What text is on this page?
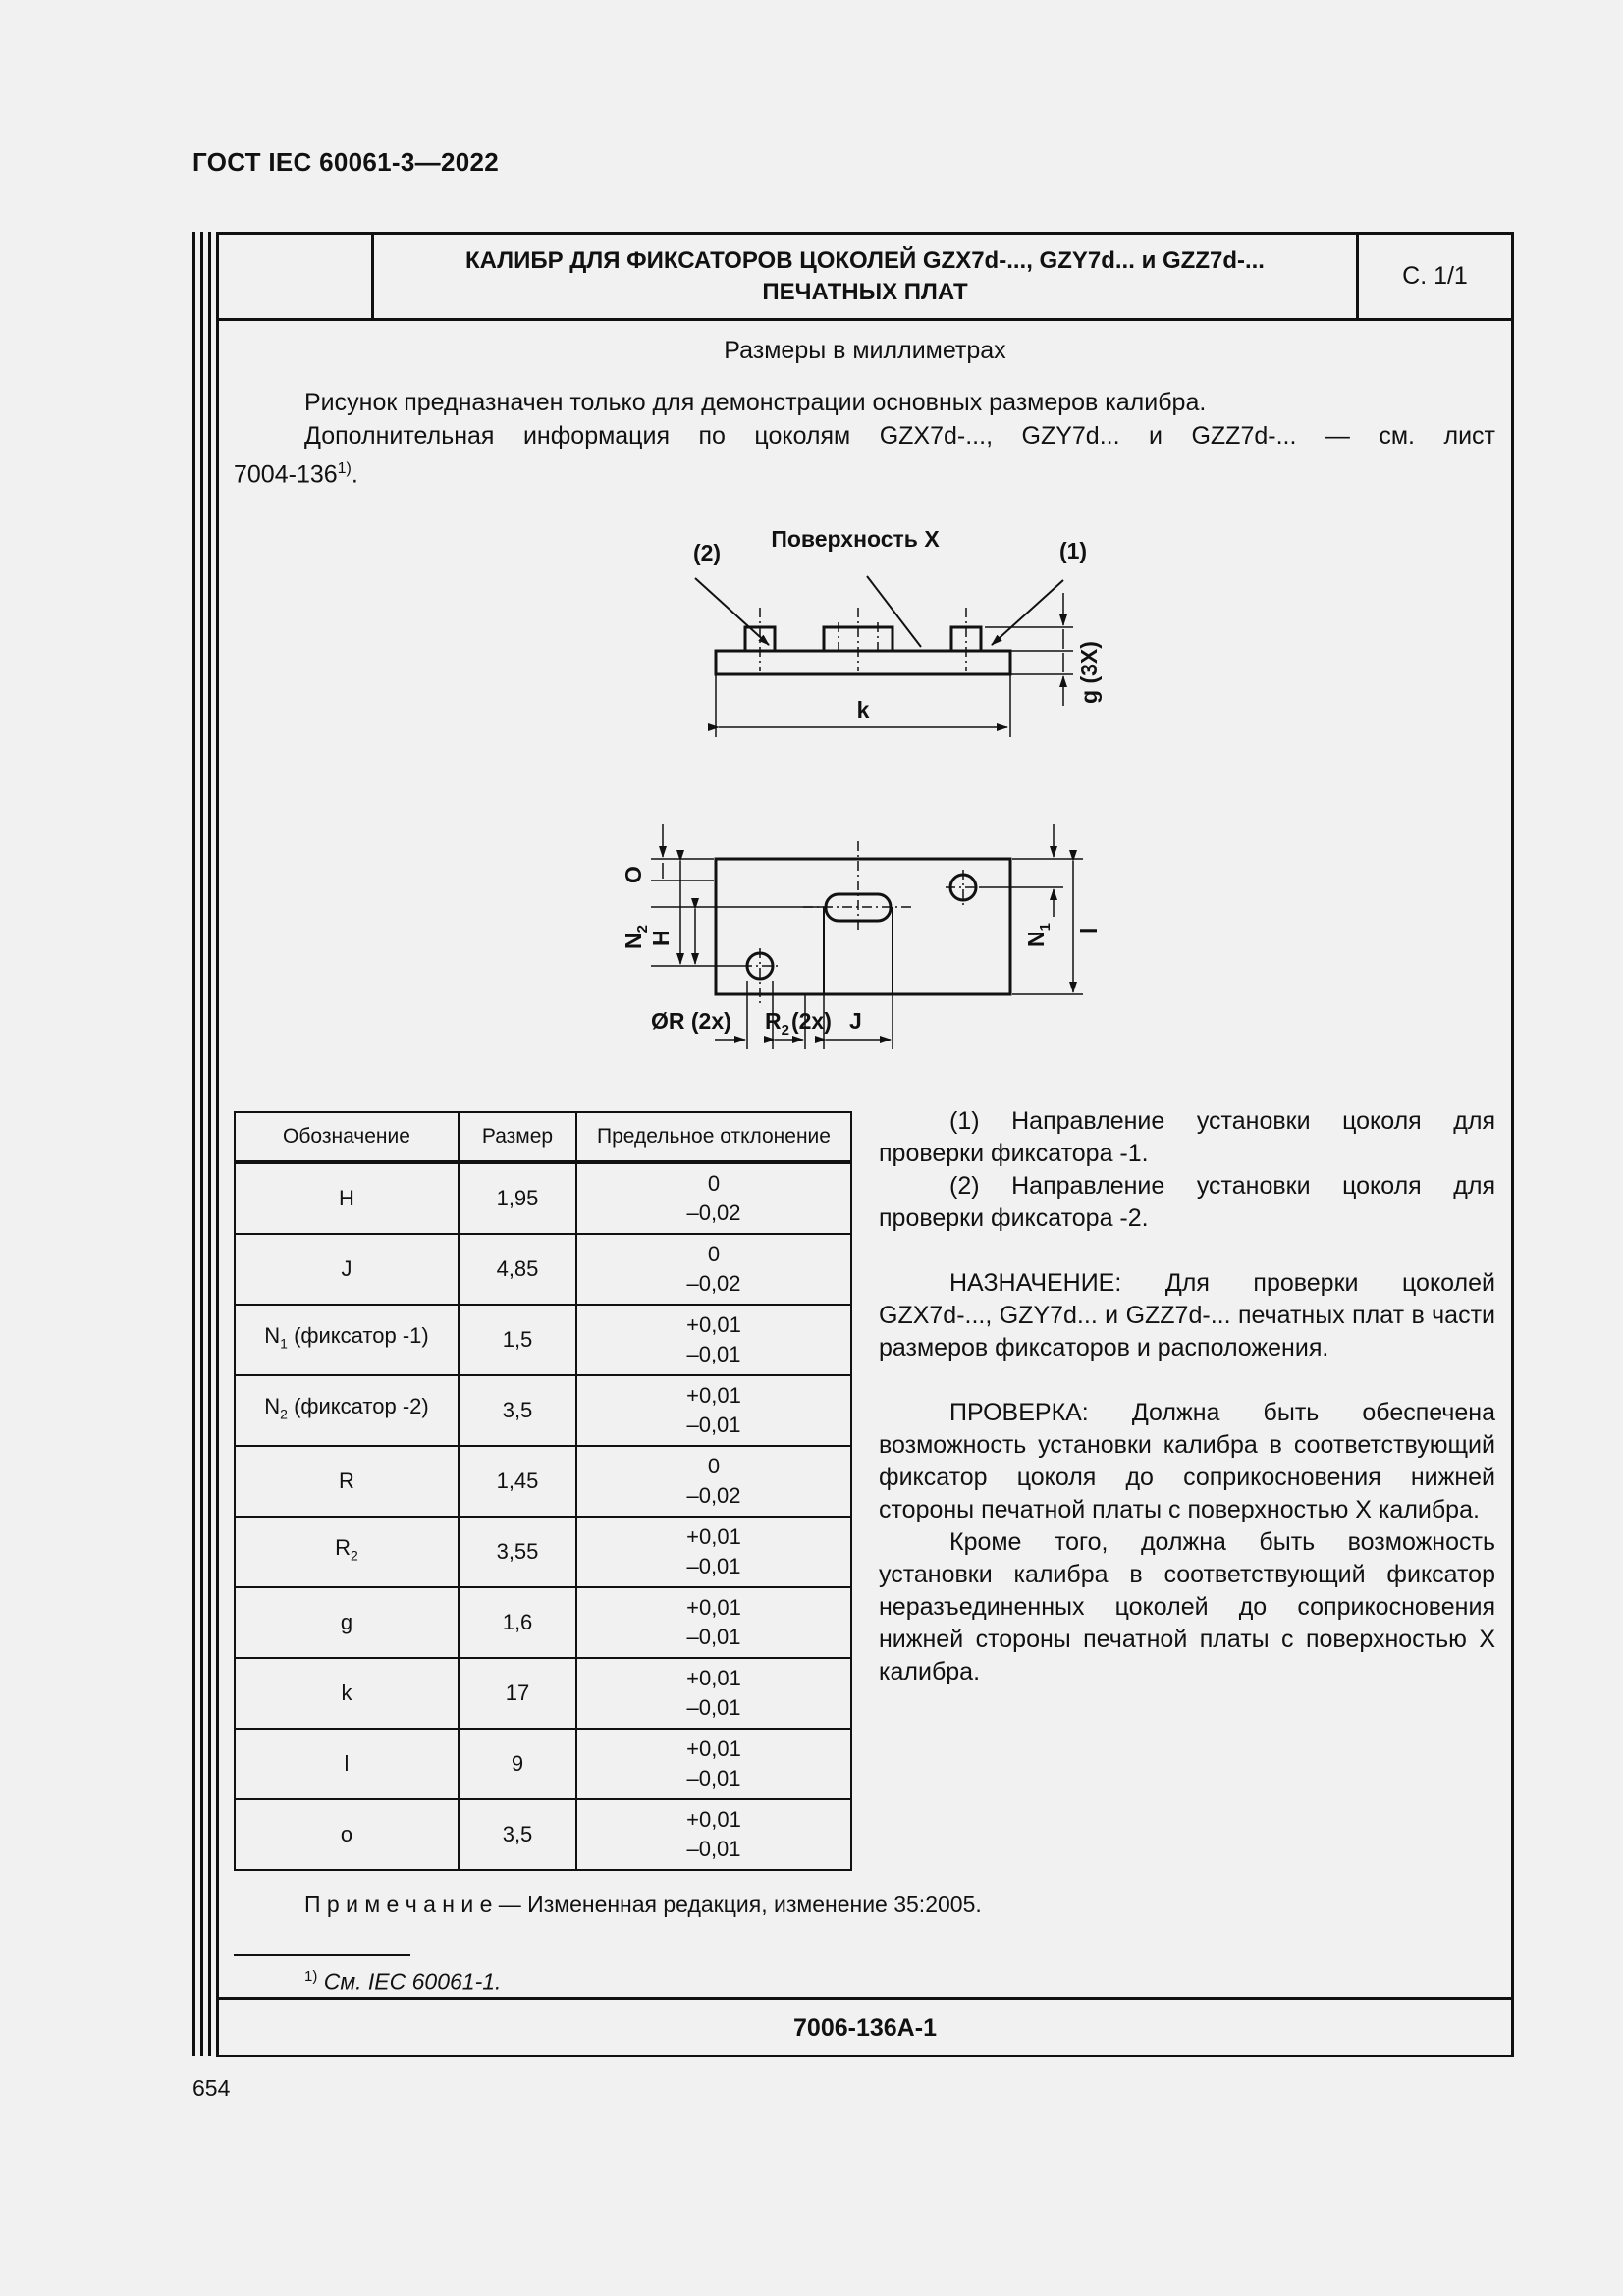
ГОСТ IEC 60061-3—2022
КАЛИБР ДЛЯ ФИКСАТОРОВ ЦОКОЛЕЙ GZX7d-..., GZY7d... и GZZ7d-...
ПЕЧАТНЫХ ПЛАТ
С. 1/1
Размеры в миллиметрах
Рисунок предназначен только для демонстрации основных размеров калибра.
Дополнительная информация по цоколям GZX7d-..., GZY7d... и GZZ7d-... — см. лист
7004-136$^{1)}$.
(2)
Поверхность X	(1)
k
g (3X)
O
$N_2$
H	$N_1$ l
ØR (2x) $R_2(2x)$ J
Обозначение	Размер	Предельное отклонение
H	1,95	0
–0,02

J	4,85	0
–0,02

$N_1$ (фиксатор -1)	1,5	+0,01
–0,01

$N_2$ (фиксатор -2)	3,5	+0,01
–0,01

R	1,45	0
–0,02

$R_2$	3,55	+0,01
–0,01

g	1,6	+0,01
–0,01

k	17	+0,01
–0,01

l	9	+0,01
–0,01

o	3,5	+0,01
–0,01

(1) Направление установки цоколя для проверки фиксатора -1.

(2) Направление установки цоколя для проверки фиксатора -2.

НАЗНАЧЕНИЕ: Для проверки цоколей GZX7d-..., GZY7d... и GZZ7d-... печатных плат в части размеров фиксаторов и расположения.

ПРОВЕРКА: Должна быть обеспечена возможность установки калибра в соответствующий фиксатор цоколя до соприкосновения нижней стороны печатной платы с поверхностью X калибра.

Кроме того, должна быть возможность установки калибра в соответствующий фиксатор неразъединенных цоколей до соприкосновения нижней стороны печатной платы с поверхностью X калибра.

П р и м е ч а н и е — Измененная редакция, изменение 35:2005.
$^{1)}$ См. IEC 60061-1.
7006-136A-1
654
